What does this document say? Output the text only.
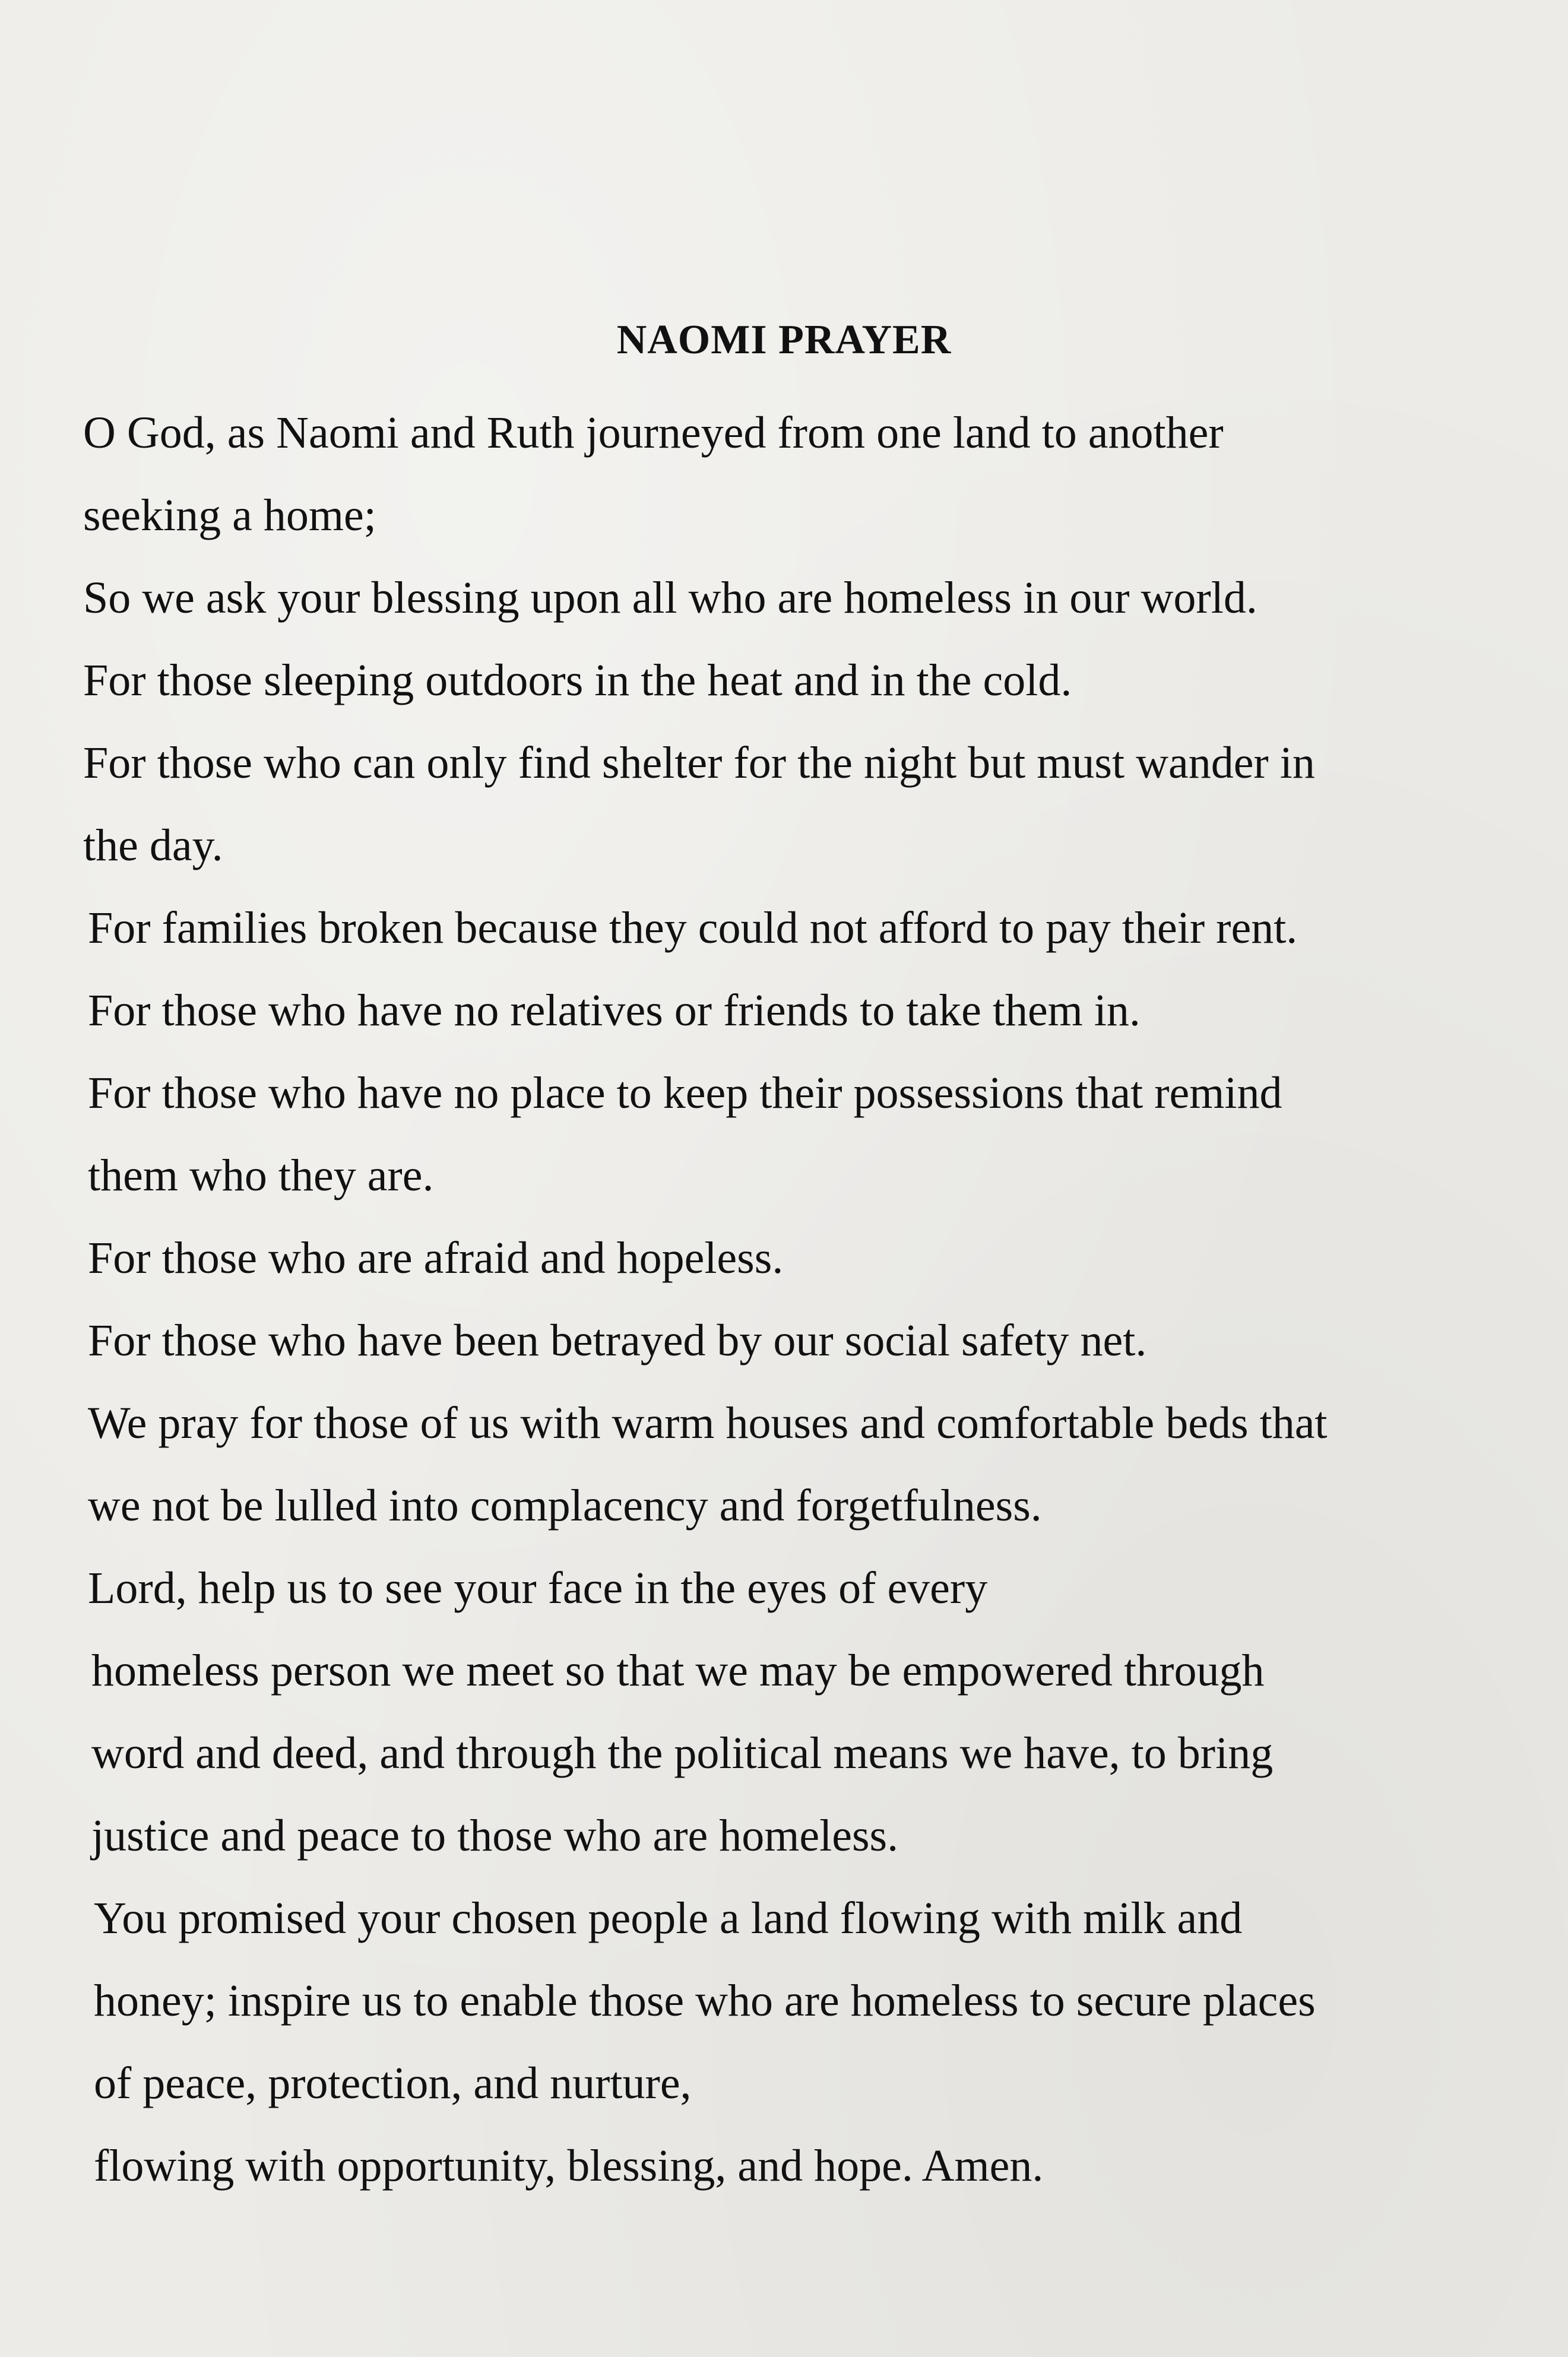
NAOMI PRAYER
O God, as Naomi and Ruth journeyed from one land to another
seeking a home;
So we ask your blessing upon all who are homeless in our world.
For those sleeping outdoors in the heat and in the cold.
For those who can only find shelter for the night but must wander in
the day.
For families broken because they could not afford to pay their rent.
For those who have no relatives or friends to take them in.
For those who have no place to keep their possessions that remind
them who they are.
For those who are afraid and hopeless.
For those who have been betrayed by our social safety net.
We pray for those of us with warm houses and comfortable beds that
we not be lulled into complacency and forgetfulness.
Lord, help us to see your face in the eyes of every
homeless person we meet so that we may be empowered through
word and deed, and through the political means we have, to bring
justice and peace to those who are homeless.
You promised your chosen people a land flowing with milk and
honey; inspire us to enable those who are homeless to secure places
of peace, protection, and nurture,
flowing with opportunity, blessing, and hope. Amen.
